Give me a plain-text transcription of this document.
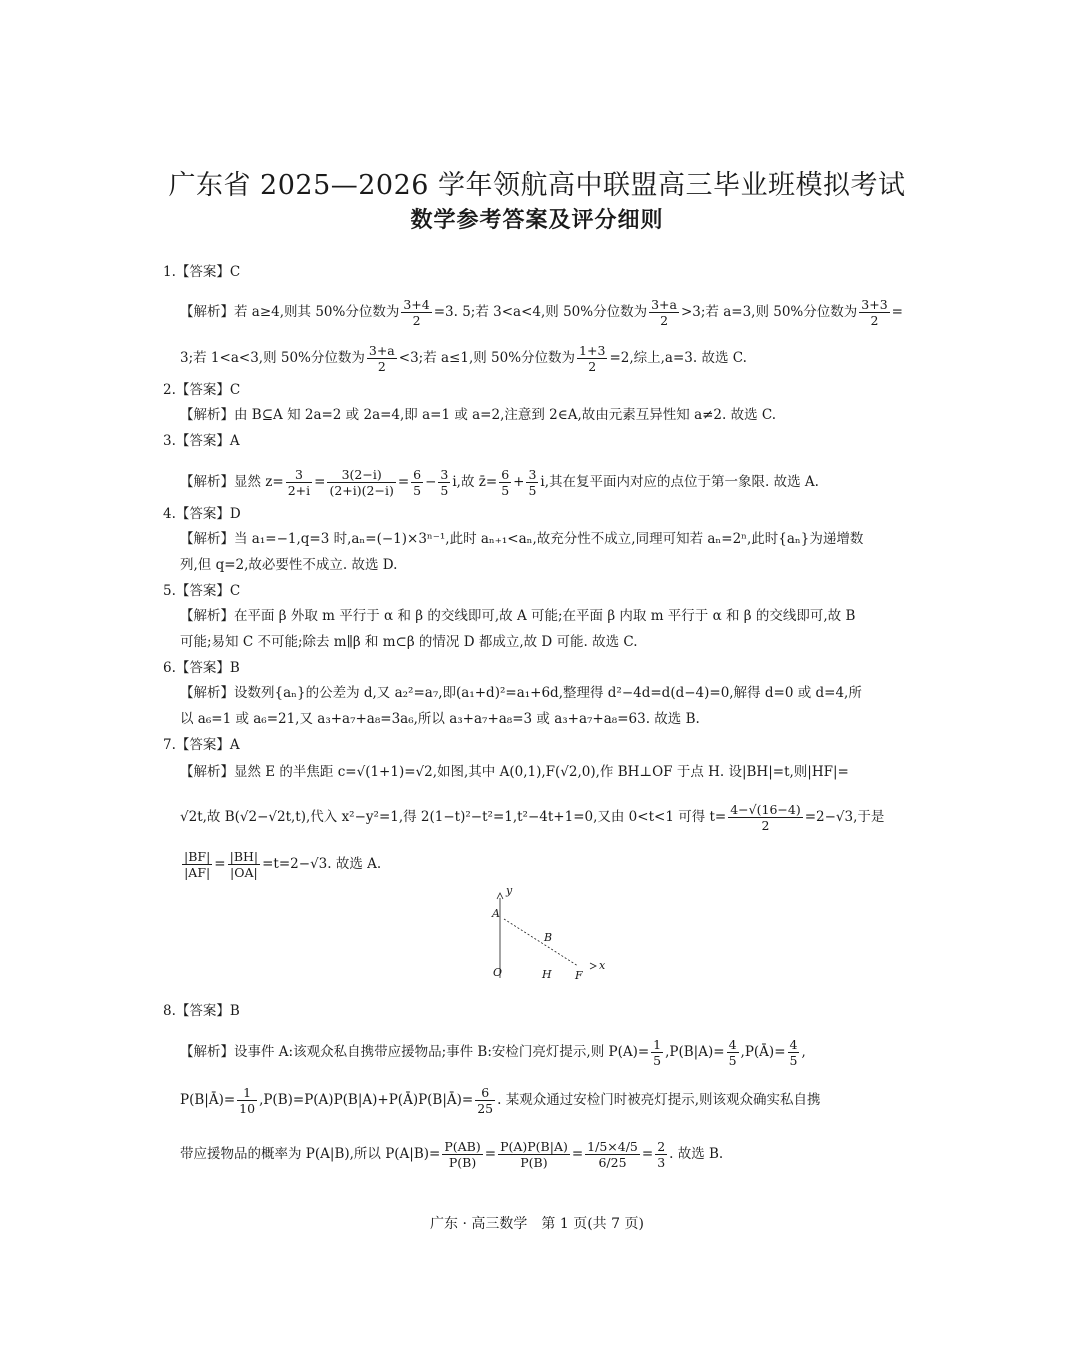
广东省 2025—2026 学年领航高中联盟高三毕业班模拟考试
数学参考答案及评分细则
1.【答案】C
【解析】若 a≥4,则其 50%分位数为 $\frac{3+4}{2} =3$. 5;若 3<a<4,则 50%分位数为 $\frac{3+a}{2} >3$;若 a=3,则 50%分位数为 $\frac{3+3}{2}$ =
3;若 1<a<3,则 50%分位数为 $\frac{3+a}{2} <3$;若 a≤1,则 50%分位数为 $\frac{1+3}{2} =2$,综上,a=3. 故选 C.
2.【答案】C
【解析】由 B⊆A 知 2a=2 或 2a=4,即 a=1 或 a=2,注意到 2∈A,故由元素互异性知 a≠2. 故选 C.
3.【答案】A
【解析】显然 $z= \frac{3}{2+i} = \frac{3(2-i)}{(2+i)(2-i)} = \frac{6}{5} - \frac{3}{5} i$,故 z̄= $\frac{6}{5} + \frac{3}{5} i$,其在复平面内对应的点位于第一象限. 故选 A.
4.【答案】D
【解析】当 a₁=−1,q=3 时,aₙ=(−1)×3ⁿ⁻¹,此时 aₙ₊₁<aₙ,故充分性不成立,同理可知若 aₙ=2ⁿ,此时{aₙ}为递增数
列,但 q=2,故必要性不成立. 故选 D.
5.【答案】C
【解析】在平面 β 外取 m 平行于 α 和 β 的交线即可,故 A 可能;在平面 β 内取 m 平行于 α 和 β 的交线即可,故 B
可能;易知 C 不可能;除去 m∥β 和 m⊂β 的情况 D 都成立,故 D 可能. 故选 C.
6.【答案】B
【解析】设数列{aₙ}的公差为 d,又 a₂²=a₇,即(a₁+d)²=a₁+6d,整理得 d²−4d=d(d−4)=0,解得 d=0 或 d=4,所
以 a₆=1 或 a₆=21,又 a₃+a₇+a₈=3a₆,所以 a₃+a₇+a₈=3 或 a₃+a₇+a₈=63. 故选 B.
7.【答案】A
【解析】显然 E 的半焦距 c=√(1+1)=√2,如图,其中 A(0,1),F(√2,0),作 BH⊥OF 于点 H. 设|BH|=t,则|HF|=
√2t,故 B(√2−√2t,t),代入 x²−y²=1,得 2(1−t)²−t²=1,t²−4t+1=0,又由 0<t<1 可得 $t= \frac{4-√(16-4)}{2} =2-√3$,于是
$\frac{|BF|}{|AF|} = \frac{|BH|}{|OA|} =t=2-√3$. 故选 A.
8.【答案】B
【解析】设事件 A:该观众私自携带应援物品;事件 B:安检门亮灯提示,则 $P(A)= \frac{1}{5} ,P(B|A)= \frac{4}{5}$ ,P(Ā)= $\frac{4}{5}$ ,
P(B|Ā)= $\frac{1}{10}$ ,P(B)=P(A)P(B|A)+P(Ā)P(B|Ā)= $\frac{6}{25}$ . 某观众通过安检门时被亮灯提示,则该观众确实私自携
带应援物品的概率为 P(A|B),所以 $P(A|B)= \frac{P(AB)}{P(B)} = \frac{P(A)P(B|A)}{P(B)} = \frac{1/5\times 4/5}{6/25} = \frac{2}{3}$ . 故选 B.
y
x
A
B
O	H F
广东 · 高三数学　第 1 页(共 7 页)
